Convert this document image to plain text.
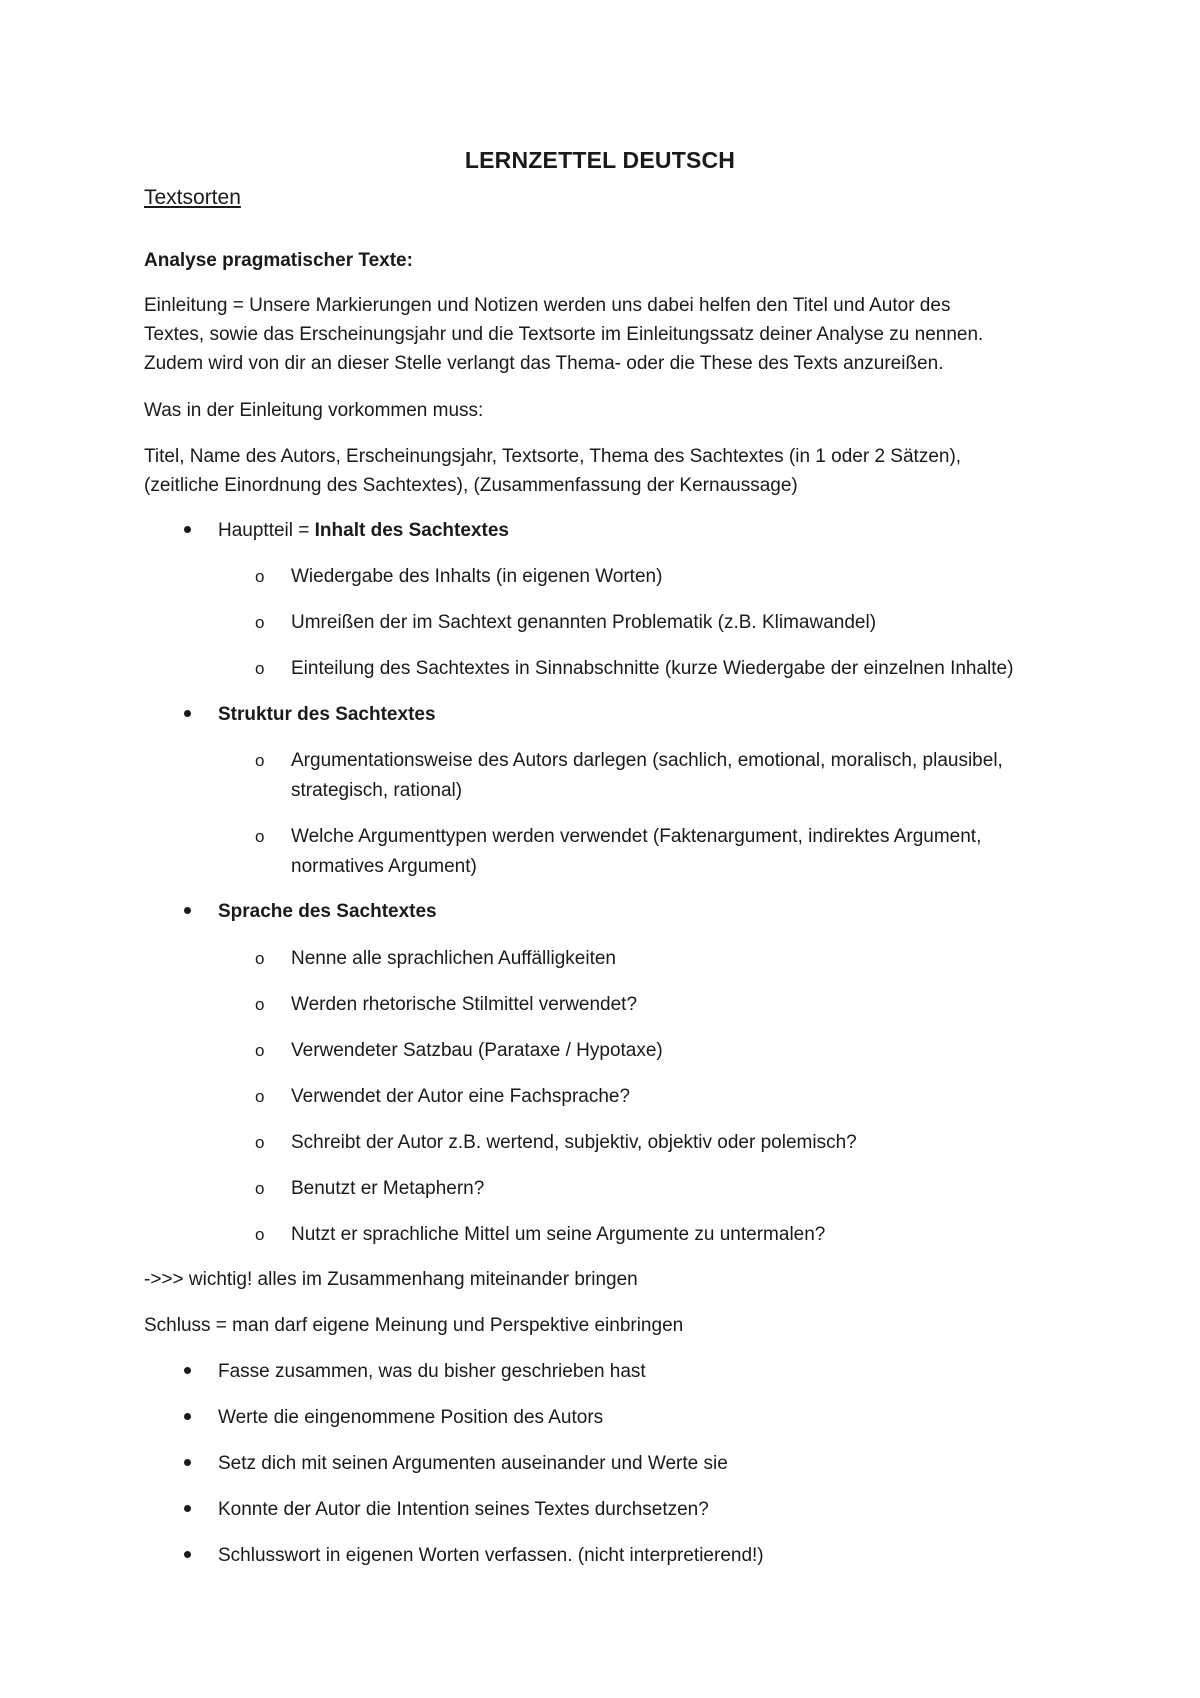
LERNZETTEL DEUTSCH
Textsorten
Analyse pragmatischer Texte:
Einleitung = Unsere Markierungen und Notizen werden uns dabei helfen den Titel und Autor des
Textes, sowie das Erscheinungsjahr und die Textsorte im Einleitungssatz deiner Analyse zu nennen.
Zudem wird von dir an dieser Stelle verlangt das Thema- oder die These des Texts anzureißen.
Was in der Einleitung vorkommen muss:
Titel, Name des Autors, Erscheinungsjahr, Textsorte, Thema des Sachtextes (in 1 oder 2 Sätzen),
(zeitliche Einordnung des Sachtextes), (Zusammenfassung der Kernaussage)
Hauptteil = Inhalt des Sachtextes
o Wiedergabe des Inhalts (in eigenen Worten)
o Umreißen der im Sachtext genannten Problematik (z.B. Klimawandel)
o Einteilung des Sachtextes in Sinnabschnitte (kurze Wiedergabe der einzelnen Inhalte)
Struktur des Sachtextes
o Argumentationsweise des Autors darlegen (sachlich, emotional, moralisch, plausibel,
strategisch, rational)
o Welche Argumenttypen werden verwendet (Faktenargument, indirektes Argument,
normatives Argument)
Sprache des Sachtextes
o Nenne alle sprachlichen Auffälligkeiten
o Werden rhetorische Stilmittel verwendet?
o Verwendeter Satzbau (Parataxe / Hypotaxe)
o Verwendet der Autor eine Fachsprache?
o Schreibt der Autor z.B. wertend, subjektiv, objektiv oder polemisch?
o Benutzt er Metaphern?
o Nutzt er sprachliche Mittel um seine Argumente zu untermalen?
->>> wichtig! alles im Zusammenhang miteinander bringen
Schluss = man darf eigene Meinung und Perspektive einbringen
Fasse zusammen, was du bisher geschrieben hast
Werte die eingenommene Position des Autors
Setz dich mit seinen Argumenten auseinander und Werte sie
Konnte der Autor die Intention seines Textes durchsetzen?
Schlusswort in eigenen Worten verfassen. (nicht interpretierend!)
